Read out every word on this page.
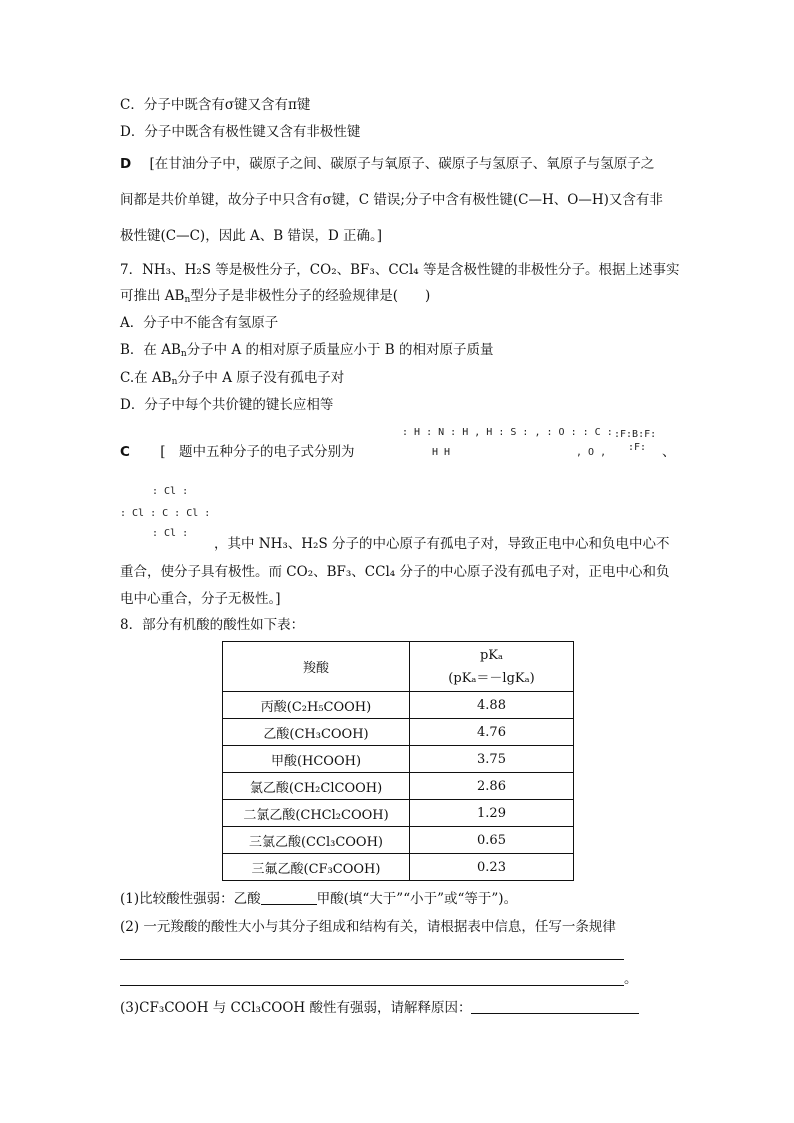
C．分子中既含有σ键又含有π键
D．分子中既含有极性键又含有非极性键
D [在甘油分子中，碳原子之间、碳原子与氧原子、碳原子与氢原子、氧原子与氢原子之
间都是共价单键，故分子中只含有σ键，C 错误;分子中含有极性键(C—H、O—H)又含有非
极性键(C—C)，因此 A、B 错误，D 正确。]
7．NH₃、H₂S 等是极性分子，CO₂、BF₃、CCl₄ 等是含极性键的非极性分子。根据上述事实
可推出 $AB_n$型分子是非极性分子的经验规律是(　　)
A．分子中不能含有氢原子
B．在 $AB_n$分子中 A 的相对原子质量应小于 B 的相对原子质量
C.在 $AB_n$分子中 A 原子没有孤电子对
D．分子中每个共价键的键长应相等
C [　题中五种分子的电子式分别为
: H : N : H , H : S : , : O : : C :
H H	, O ,
:F:B:F:
:F: 、
: Cl :
: Cl : C : Cl :
: Cl :
，其中 NH₃、H₂S 分子的中心原子有孤电子对，导致正电中心和负电中心不
重合，使分子具有极性。而 CO₂、BF₃、CCl₄ 分子的中心原子没有孤电子对，正电中心和负
电中心重合，分子无极性。]
8．部分有机酸的酸性如下表：
羧酸	pKₐ
(pKₐ＝－lgKₐ)

丙酸(C₂H₅COOH)	4.88
乙酸(CH₃COOH)	4.76
甲酸(HCOOH)	3.75
氯乙酸(CH₂ClCOOH)	2.86
二氯乙酸(CHCl₂COOH)	1.29
三氯乙酸(CCl₃COOH)	0.65
三氟乙酸(CF₃COOH)	0.23
(1)比较酸性强弱：乙酸	甲酸(填“大于”“小于”或“等于”)。
(2) 一元羧酸的酸性大小与其分子组成和结构有关，请根据表中信息，任写一条规律
。
(3)CF₃COOH 与 CCl₃COOH 酸性有强弱，请解释原因：
